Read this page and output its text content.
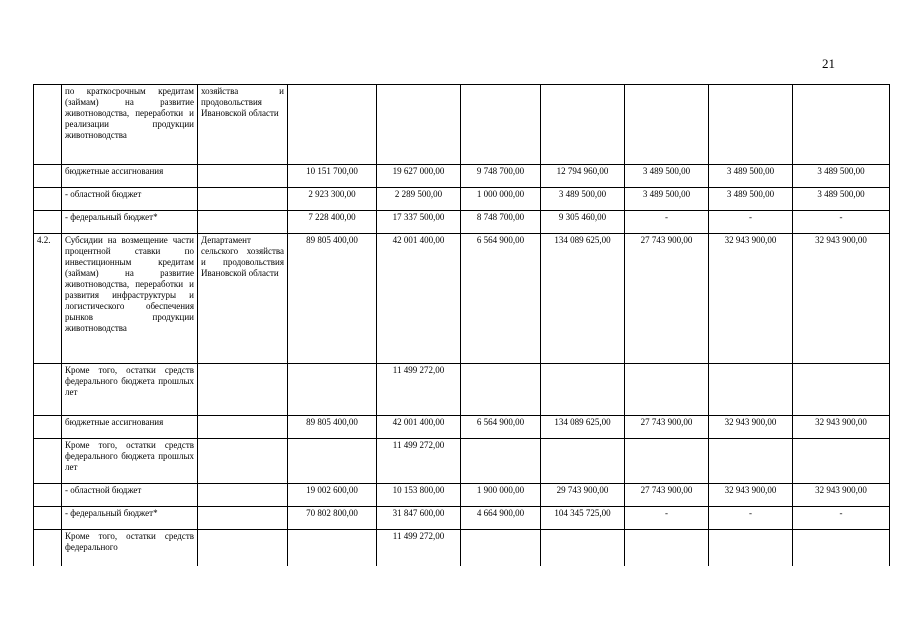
21
	по краткосрочным кредитам (займам) на развитие животноводства, переработки и реализации продукции животноводства	хозяйства и продовольствия Ивановской области							
	бюджетные ассигнования		10 151 700,00	19 627 000,00	9 748 700,00	12 794 960,00	3 489 500,00	3 489 500,00	3 489 500,00
	- областной бюджет		2 923 300,00	2 289 500,00	1 000 000,00	3 489 500,00	3 489 500,00	3 489 500,00	3 489 500,00
	- федеральный бюджет*		7 228 400,00	17 337 500,00	8 748 700,00	9 305 460,00	-	-	-
4.2.	Субсидии на возмещение части процентной ставки по инвестиционным кредитам (займам) на развитие животноводства, переработки и развития инфраструктуры и логистического обеспечения рынков продукции животноводства	Департамент сельского хозяйства и продовольствия Ивановской области	89 805 400,00	42 001 400,00	6 564 900,00	134 089 625,00	27 743 900,00	32 943 900,00	32 943 900,00
	Кроме того, остатки средств федерального бюджета прошлых лет			11 499 272,00					
	бюджетные ассигнования		89 805 400,00	42 001 400,00	6 564 900,00	134 089 625,00	27 743 900,00	32 943 900,00	32 943 900,00
	Кроме того, остатки средств федерального бюджета прошлых лет			11 499 272,00					
	- областной бюджет		19 002 600,00	10 153 800,00	1 900 000,00	29 743 900,00	27 743 900,00	32 943 900,00	32 943 900,00
	- федеральный бюджет*		70 802 800,00	31 847 600,00	4 664 900,00	104 345 725,00	-	-	-
	Кроме того, остатки средств федерального			11 499 272,00					
